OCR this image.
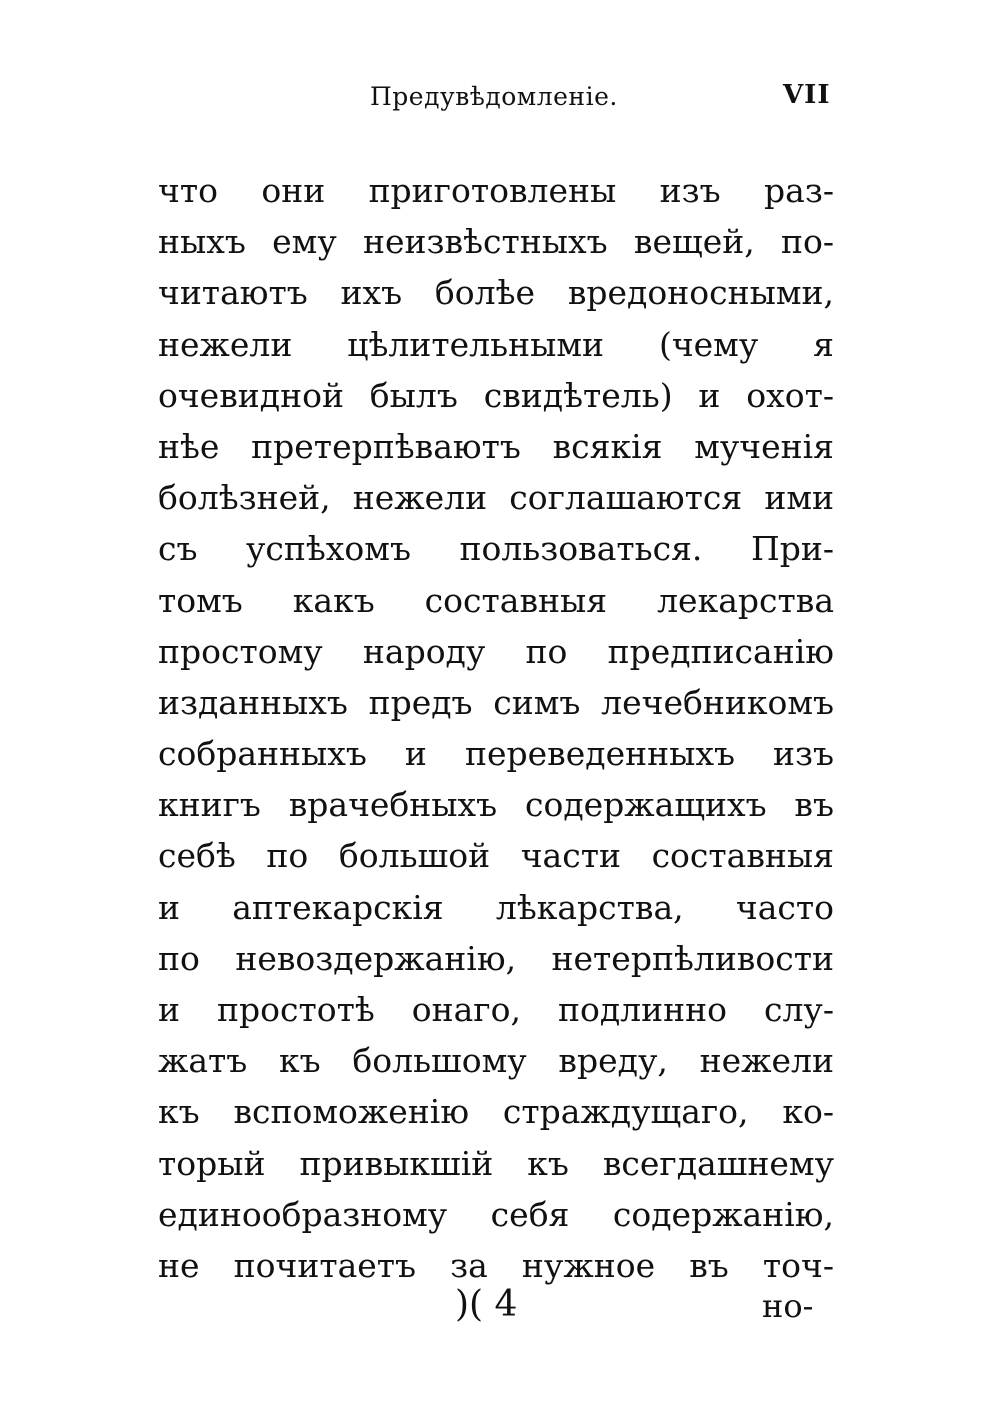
Предувѣдомленiе.	VII
что они приготовлены изъ раз-
ныхъ ему неизвѣстныхъ вещей, по-
читаютъ ихъ болѣе вредоносными,
нежели цѣлительными (чему я
очевидной былъ свидѣтель) и охот-
нѣе претерпѣваютъ всякiя мученiя
болѣзней, нежели соглашаются ими
съ успѣхомъ пользоваться. При-
томъ какъ составныя лекарства
простому народу по предписанiю
изданныхъ предъ симъ лечебникомъ
собранныхъ и переведенныхъ изъ
книгъ врачебныхъ содержащихъ въ
себѣ по большой части составныя
и аптекарскiя лѣкарства, часто
по невоздержанiю, нетерпѣливости
и простотѣ онаго, подлинно слу-
жатъ къ большому вреду, нежели
къ вспоможенiю страждущаго, ко-
торый привыкшiй къ всегдашнему
единообразному себя содержанiю,
не почитаетъ за нужное въ точ-
)( 4	но-
